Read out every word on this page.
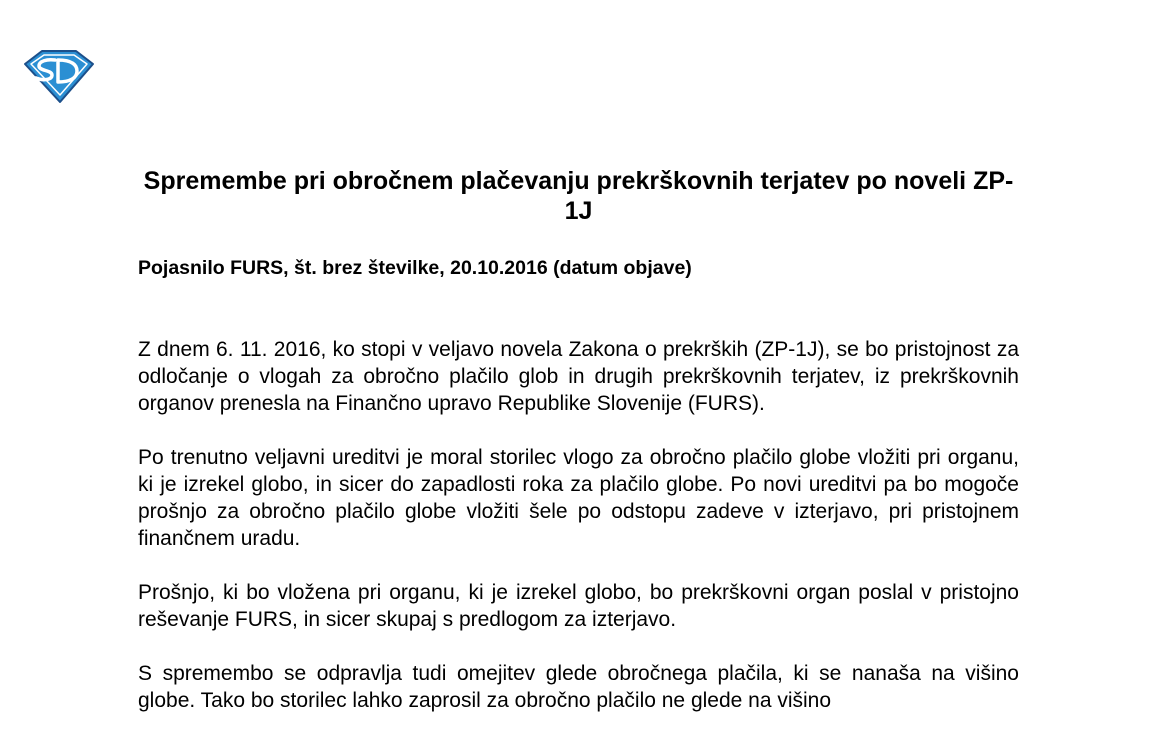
Spremembe pri obročnem plačevanju prekrškovnih terjatev po noveli ZP-1J

Pojasnilo FURS, št. brez številke, 20.10.2016 (datum objave)

Z dnem 6. 11. 2016, ko stopi v veljavo novela Zakona o prekrških (ZP-1J), se bo pristojnost za odločanje o vlogah za obročno plačilo glob in drugih prekrškovnih terjatev, iz prekrškovnih organov prenesla na Finančno upravo Republike Slovenije (FURS).

Po trenutno veljavni ureditvi je moral storilec vlogo za obročno plačilo globe vložiti pri organu, ki je izrekel globo, in sicer do zapadlosti roka za plačilo globe. Po novi ureditvi pa bo mogoče prošnjo za obročno plačilo globe vložiti šele po odstopu zadeve v izterjavo, pri pristojnem finančnem uradu.

Prošnjo, ki bo vložena pri organu, ki je izrekel globo, bo prekrškovni organ poslal v pristojno reševanje FURS, in sicer skupaj s predlogom za izterjavo.

S spremembo se odpravlja tudi omejitev glede obročnega plačila, ki se nanaša na višino globe. Tako bo storilec lahko zaprosil za obročno plačilo ne glede na višino
